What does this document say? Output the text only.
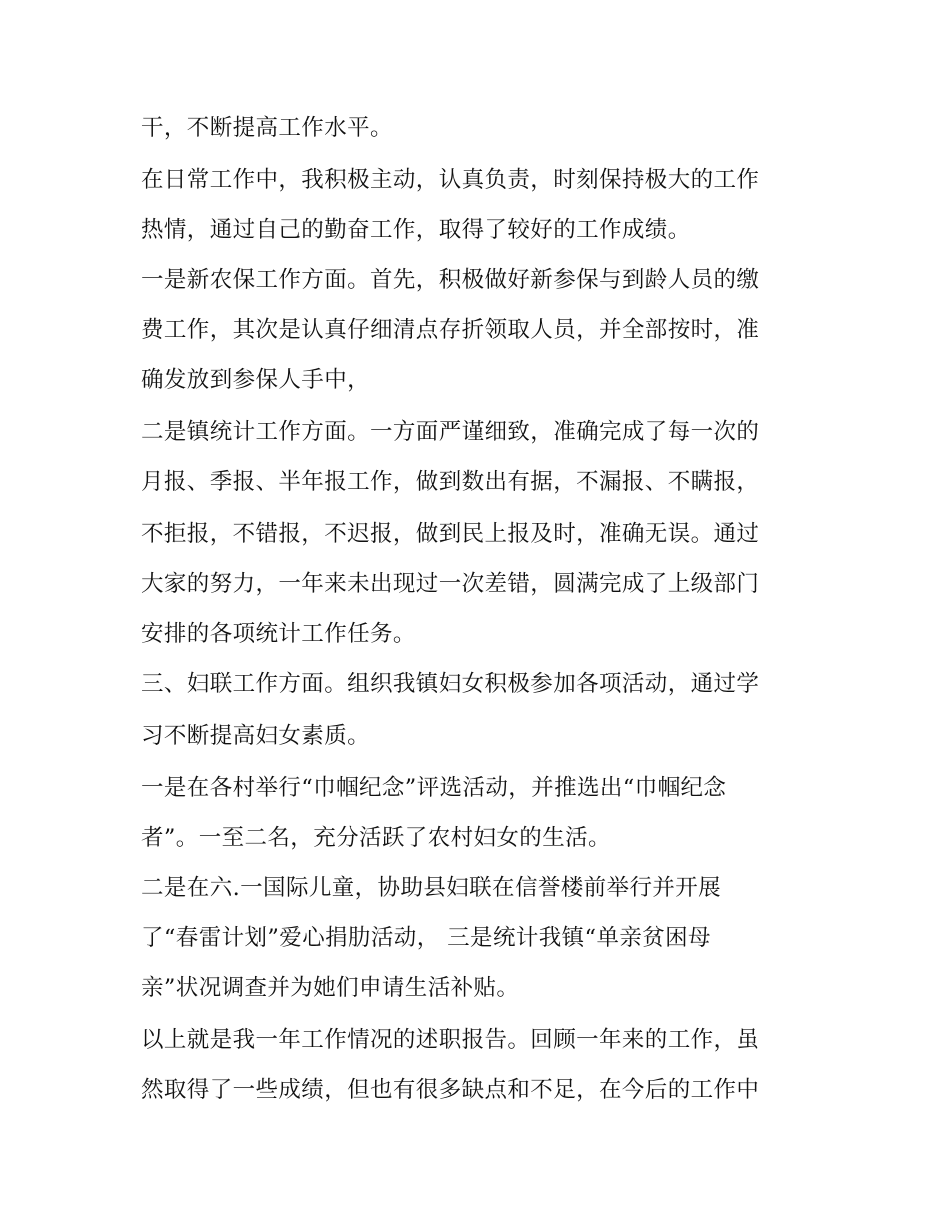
干，不断提高工作水平。
在日常工作中，我积极主动，认真负责，时刻保持极大的工作
热情，通过自己的勤奋工作，取得了较好的工作成绩。
一是新农保工作方面。首先，积极做好新参保与到龄人员的缴
费工作，其次是认真仔细清点存折领取人员，并全部按时，准
确发放到参保人手中，
二是镇统计工作方面。一方面严谨细致，准确完成了每一次的
月报、季报、半年报工作，做到数出有据，不漏报、不瞒报，
不拒报，不错报，不迟报，做到民上报及时，准确无误。通过
大家的努力，一年来未出现过一次差错，圆满完成了上级部门
安排的各项统计工作任务。
三、妇联工作方面。组织我镇妇女积极参加各项活动，通过学
习不断提高妇女素质。
一是在各村举行“巾帼纪念”评选活动，并推选出“巾帼纪念
者”。一至二名，充分活跃了农村妇女的生活。
二是在六.一国际儿童，协助县妇联在信誉楼前举行并开展
了“春雷计划”爱心捐肋活动， 三是统计我镇“单亲贫困母
亲”状况调查并为她们申请生活补贴。
以上就是我一年工作情况的述职报告。回顾一年来的工作，虽
然取得了一些成绩，但也有很多缺点和不足，在今后的工作中
